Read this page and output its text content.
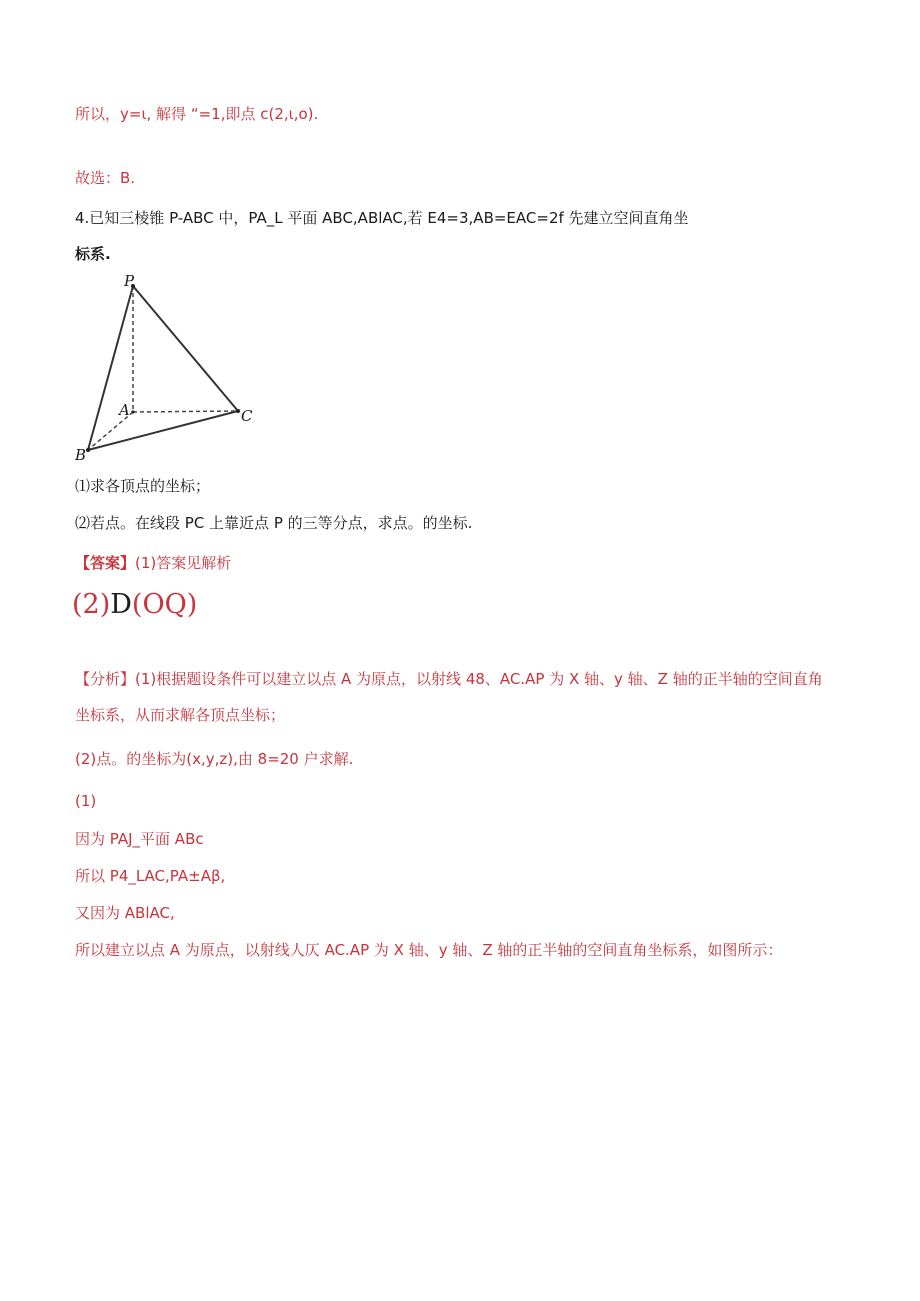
所以，y=ι, 解得 “=1,即点 c(2,ι,o).
故选：B.
4.已知三棱锥 P-ABC 中，PA_L 平面 ABC,ABlAC,若 E4=3,AB=EAC=2f 先建立空间直角坐
标系.
P
A
B
C
⑴求各顶点的坐标；
⑵若点。在线段 PC 上靠近点 P 的三等分点，求点。的坐标.
【答案】(1)答案见解析
(2)D(OQ)
【分析】(1)根据题设条件可以建立以点 A 为原点，以射线 48、AC.AP 为 X 轴、y 轴、Z 轴的正半轴的空间直角
坐标系，从而求解各顶点坐标；
(2)点。的坐标为(x,y,z),由 8=20 户求解.
(1)
因为 PAJ_平面 ABc
所以 P4_LAC,PA±Aβ,
又因为 ABlAC,
所以建立以点 A 为原点，以射线人仄 AC.AP 为 X 轴、y 轴、Z 轴的正半轴的空间直角坐标系，如图所示：
